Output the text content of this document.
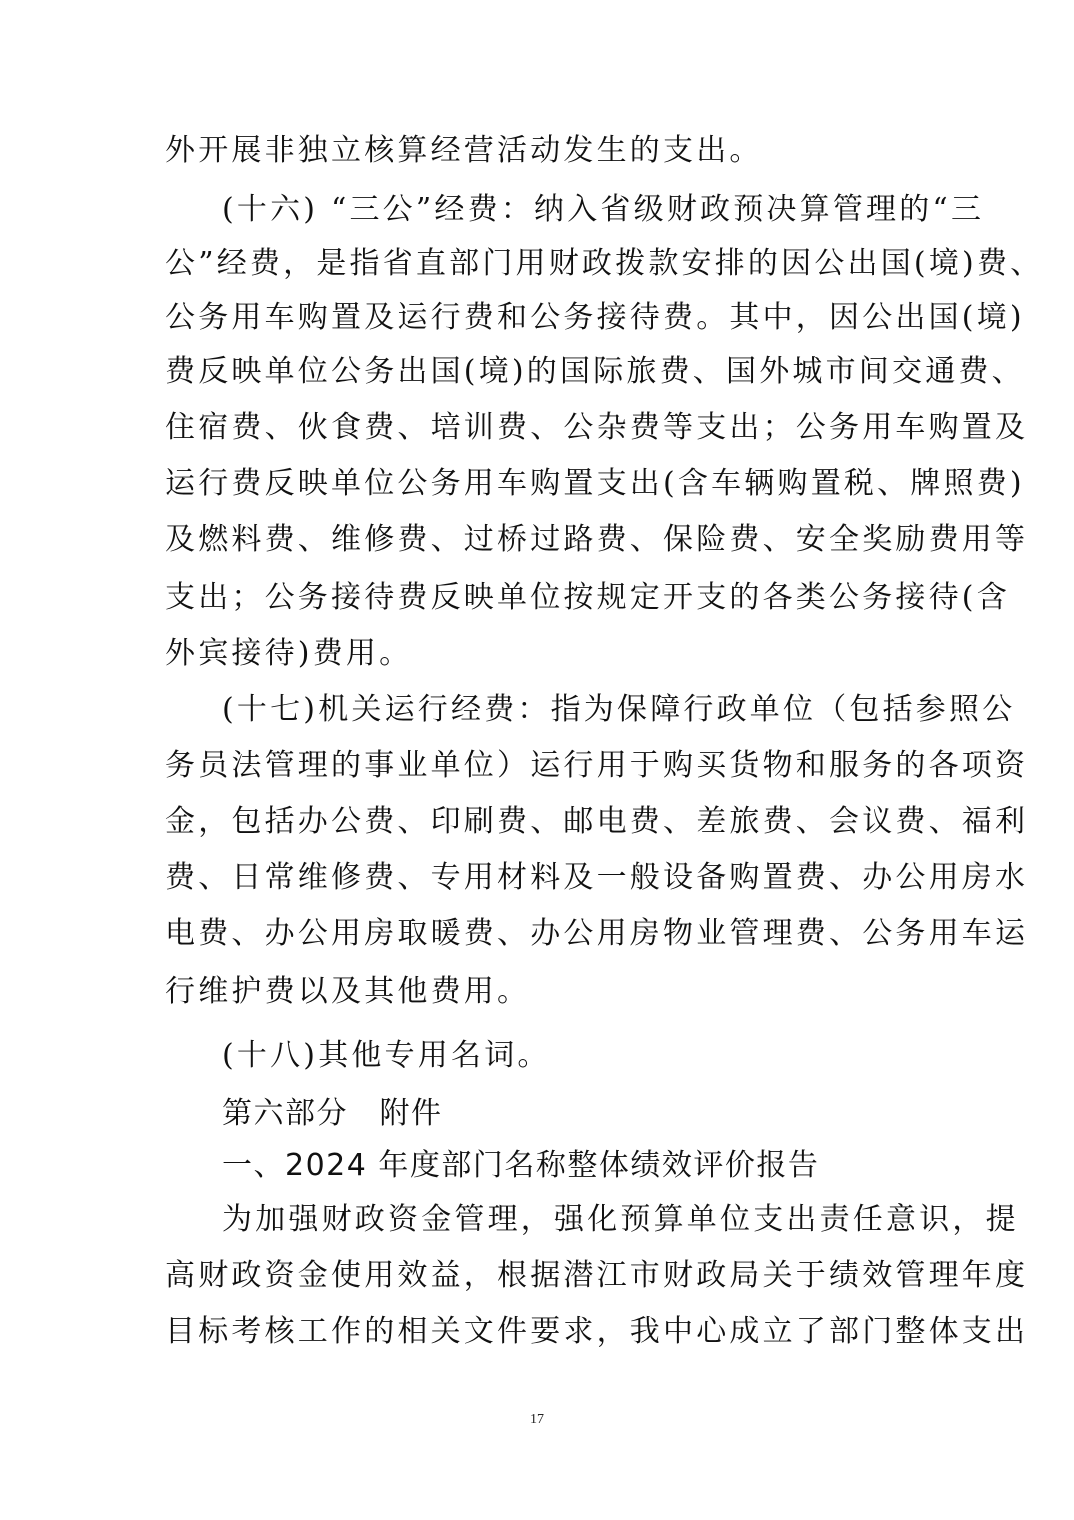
外开展非独立核算经营活动发生的支出。
(十六) “三公”经费：纳入省级财政预决算管理的“三
公”经费，是指省直部门用财政拨款安排的因公出国(境)费、
公务用车购置及运行费和公务接待费。其中，因公出国(境)
费反映单位公务出国(境)的国际旅费、国外城市间交通费、
住宿费、伙食费、培训费、公杂费等支出；公务用车购置及
运行费反映单位公务用车购置支出(含车辆购置税、牌照费)
及燃料费、维修费、过桥过路费、保险费、安全奖励费用等
支出；公务接待费反映单位按规定开支的各类公务接待(含
外宾接待)费用。
(十七)机关运行经费：指为保障行政单位（包括参照公
务员法管理的事业单位）运行用于购买货物和服务的各项资
金，包括办公费、印刷费、邮电费、差旅费、会议费、福利
费、日常维修费、专用材料及一般设备购置费、办公用房水
电费、办公用房取暖费、办公用房物业管理费、公务用车运
行维护费以及其他费用。
(十八)其他专用名词。
第六部分　附件
一、2024 年度部门名称整体绩效评价报告
为加强财政资金管理，强化预算单位支出责任意识，提
高财政资金使用效益，根据潜江市财政局关于绩效管理年度
目标考核工作的相关文件要求，我中心成立了部门整体支出
17
